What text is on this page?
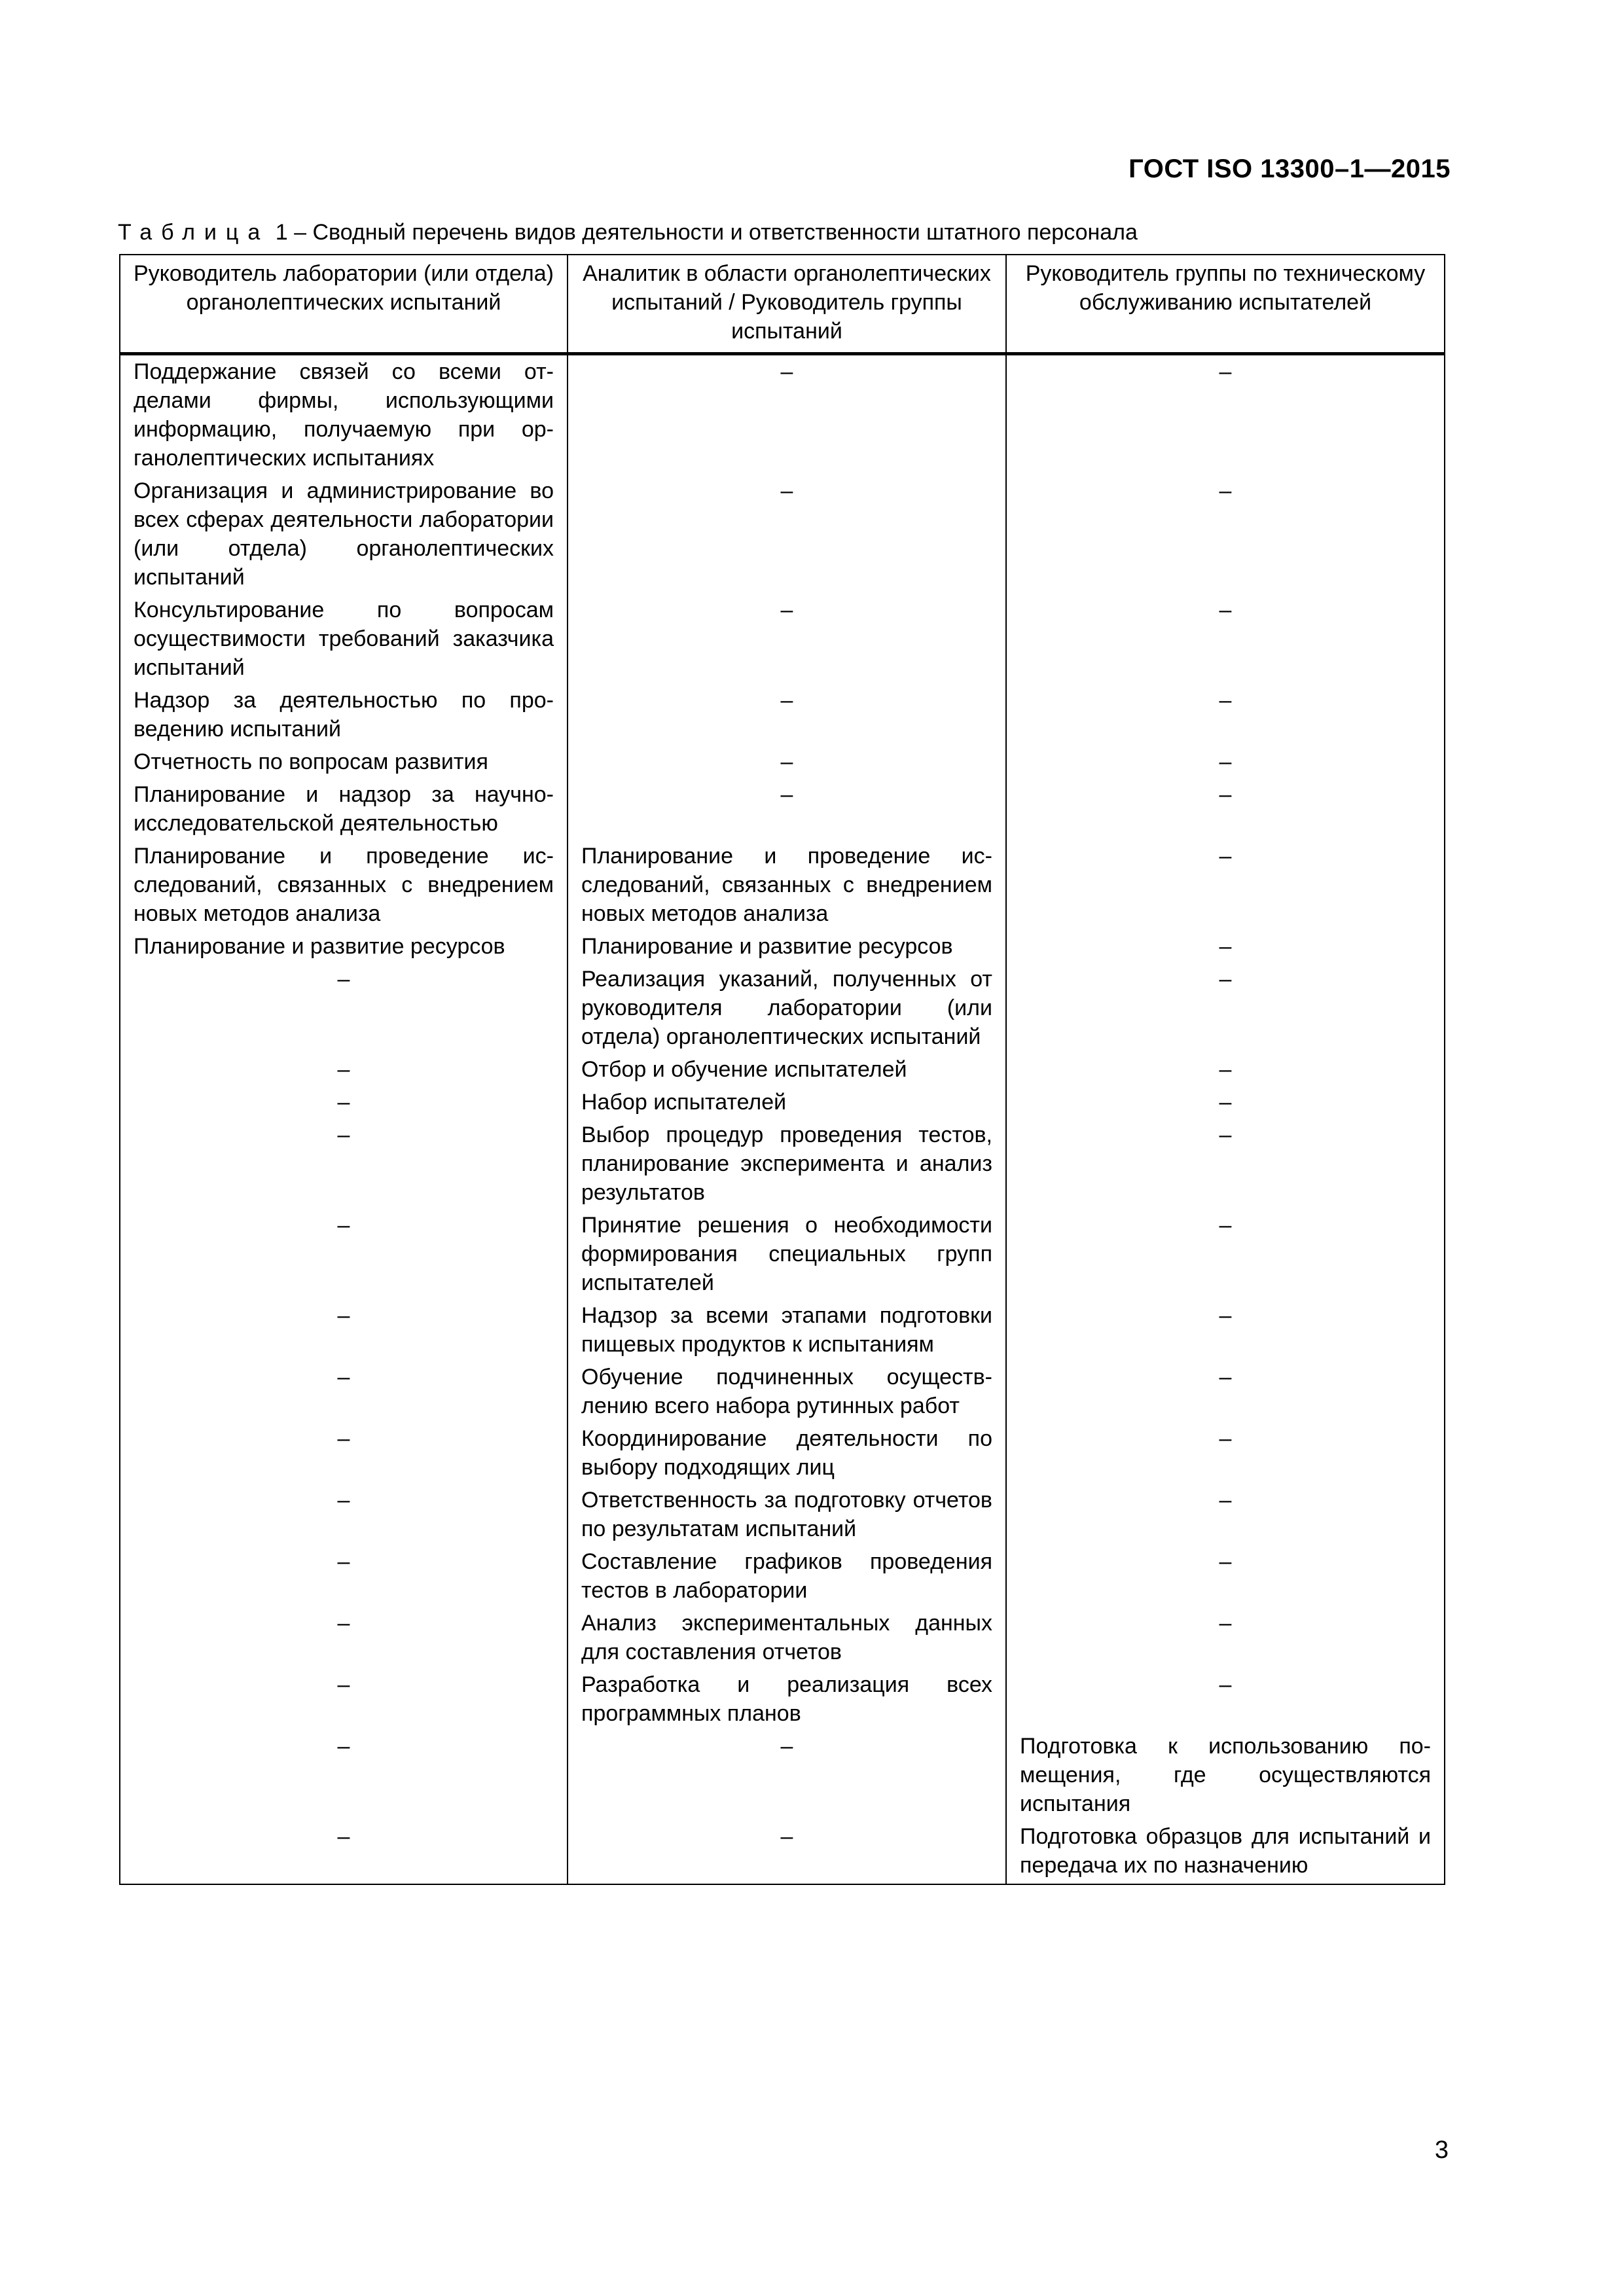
ГОСТ ISO 13300–1—2015
Таблица 1 – Сводный перечень видов деятельности и ответственности штатного персонала
Руководитель лаборатории (или отдела) органолептических испытаний	Аналитик в области органолептических испытаний / Руководитель группы испытаний	Руководитель группы по техническому обслуживанию испытателей
Поддержание связей со всеми отделами фирмы, использующими информацию, получаемую при органолептических испытаниях	–	–
Организация и администрирование во всех сферах деятельности лаборатории (или отдела) органолептических испытаний	–	–
Консультирование по вопросам осуществимости требований заказчика испытаний	–	–
Надзор за деятельностью по проведению испытаний	–	–
Отчетность по вопросам развития	–	–
Планирование и надзор за научно-исследовательской деятельностью	–	–
Планирование и проведение исследований, связанных с внедрением новых методов анализа	Планирование и проведение исследований, связанных с внедрением новых методов анализа	–
Планирование и развитие ресурсов	Планирование и развитие ресурсов	–
–	Реализация указаний, полученных от руководителя лаборатории (или отдела) органолептических испытаний	–
–	Отбор и обучение испытателей	–
–	Набор испытателей	–
–	Выбор процедур проведения тестов, планирование эксперимента и анализ результатов	–
–	Принятие решения о необходимости формирования специальных групп испытателей	–
–	Надзор за всеми этапами подготовки пищевых продуктов к испытаниям	–
–	Обучение подчиненных осуществлению всего набора рутинных работ	–
–	Координирование деятельности по выбору подходящих лиц	–
–	Ответственность за подготовку отчетов по результатам испытаний	–
–	Составление графиков проведения тестов в лаборатории	–
–	Анализ экспериментальных данных для составления отчетов	–
–	Разработка и реализация всех программных планов	–
–	–	Подготовка к использованию помещения, где осуществляются испытания
–	–	Подготовка образцов для испытаний и передача их по назначению
3
